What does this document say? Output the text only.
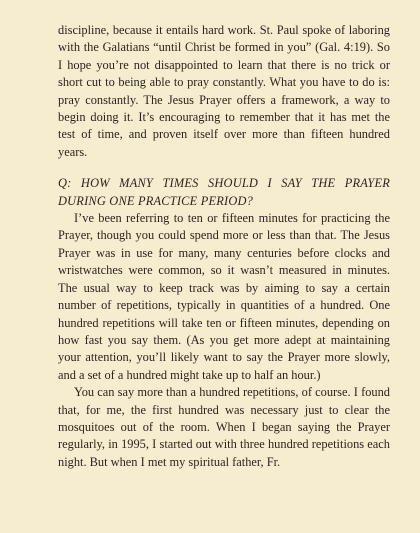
discipline, because it entails hard work. St. Paul spoke of laboring with the Galatians “until Christ be formed in you” (Gal. 4:19). So I hope you’re not disappointed to learn that there is no trick or short cut to being able to pray constantly. What you have to do is: pray constantly. The Jesus Prayer offers a framework, a way to begin doing it. It’s encouraging to remember that it has met the test of time, and proven itself over more than fifteen hundred years.

Q: HOW MANY TIMES SHOULD I SAY THE PRAYER DURING ONE PRACTICE PERIOD?

I’ve been referring to ten or fifteen minutes for practicing the Prayer, though you could spend more or less than that. The Jesus Prayer was in use for many, many centuries before clocks and wristwatches were common, so it wasn’t measured in minutes. The usual way to keep track was by aiming to say a certain number of repetitions, typically in quantities of a hundred. One hundred repetitions will take ten or fifteen minutes, depending on how fast you say them. (As you get more adept at maintaining your attention, you’ll likely want to say the Prayer more slowly, and a set of a hundred might take up to half an hour.)

You can say more than a hundred repetitions, of course. I found that, for me, the first hundred was necessary just to clear the mosquitoes out of the room. When I began saying the Prayer regularly, in 1995, I started out with three hundred repetitions each night. But when I met my spiritual father, Fr.
